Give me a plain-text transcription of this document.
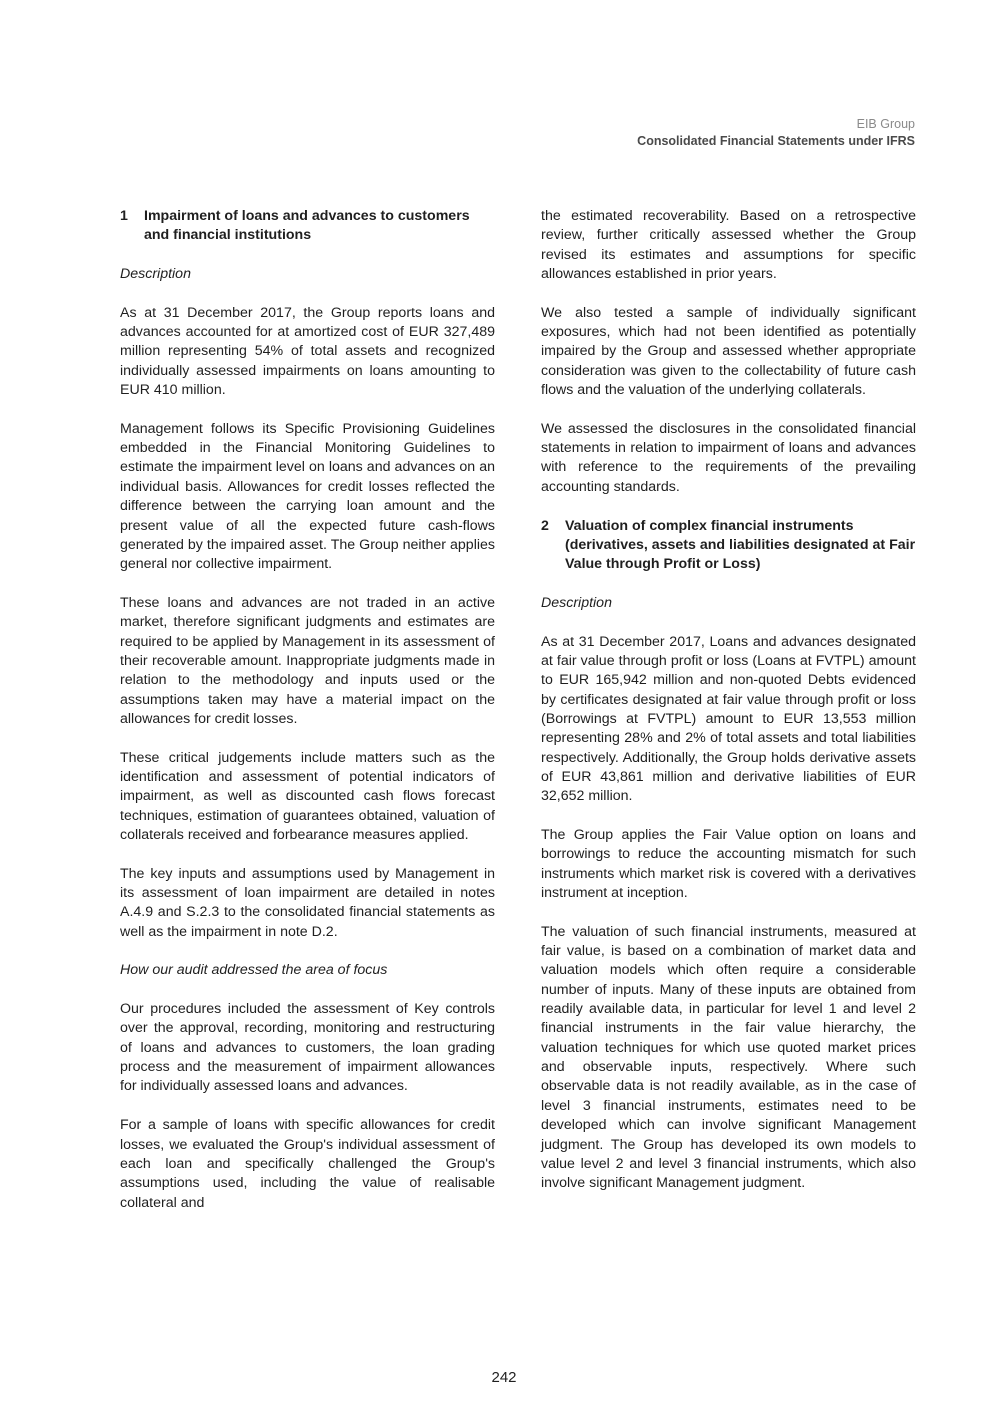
EIB Group
Consolidated Financial Statements under IFRS
1	Impairment of loans and advances to customers and financial institutions

Description

As at 31 December 2017, the Group reports loans and advances accounted for at amortized cost of EUR 327,489 million representing 54% of total assets and recognized individually assessed impairments on loans amounting to EUR 410 million.

Management follows its Specific Provisioning Guidelines embedded in the Financial Monitoring Guidelines to estimate the impairment level on loans and advances on an individual basis. Allowances for credit losses reflected the difference between the carrying loan amount and the present value of all the expected future cash-flows generated by the impaired asset. The Group neither applies general nor collective impairment.

These loans and advances are not traded in an active market, therefore significant judgments and estimates are required to be applied by Management in its assessment of their recoverable amount. Inappropriate judgments made in relation to the methodology and inputs used or the assumptions taken may have a material impact on the allowances for credit losses.

These critical judgements include matters such as the identification and assessment of potential indicators of impairment, as well as discounted cash flows forecast techniques, estimation of guarantees obtained, valuation of collaterals received and forbearance measures applied.

The key inputs and assumptions used by Management in its assessment of loan impairment are detailed in notes A.4.9 and S.2.3 to the consolidated financial statements as well as the impairment in note D.2.

How our audit addressed the area of focus

Our procedures included the assessment of Key controls over the approval, recording, monitoring and restructuring of loans and advances to customers, the loan grading process and the measurement of impairment allowances for individually assessed loans and advances.

For a sample of loans with specific allowances for credit losses, we evaluated the Group's individual assessment of each loan and specifically challenged the Group's assumptions used, including the value of realisable collateral and

the estimated recoverability. Based on a retrospective review, further critically assessed whether the Group revised its estimates and assumptions for specific allowances established in prior years.

We also tested a sample of individually significant exposures, which had not been identified as potentially impaired by the Group and assessed whether appropriate consideration was given to the collectability of future cash flows and the valuation of the underlying collaterals.

We assessed the disclosures in the consolidated financial statements in relation to impairment of loans and advances with reference to the requirements of the prevailing accounting standards.

2	Valuation of complex financial instruments (derivatives, assets and liabilities designated at Fair Value through Profit or Loss)

Description

As at 31 December 2017, Loans and advances designated at fair value through profit or loss (Loans at FVTPL) amount to EUR 165,942 million and non-quoted Debts evidenced by certificates designated at fair value through profit or loss (Borrowings at FVTPL) amount to EUR 13,553 million representing 28% and 2% of total assets and total liabilities respectively. Additionally, the Group holds derivative assets of EUR 43,861 million and derivative liabilities of EUR 32,652 million.

The Group applies the Fair Value option on loans and borrowings to reduce the accounting mismatch for such instruments which market risk is covered with a derivatives instrument at inception.

The valuation of such financial instruments, measured at fair value, is based on a combination of market data and valuation models which often require a considerable number of inputs. Many of these inputs are obtained from readily available data, in particular for level 1 and level 2 financial instruments in the fair value hierarchy, the valuation techniques for which use quoted market prices and observable inputs, respectively. Where such observable data is not readily available, as in the case of level 3 financial instruments, estimates need to be developed which can involve significant Management judgment. The Group has developed its own models to value level 2 and level 3 financial instruments, which also involve significant Management judgment.

242
